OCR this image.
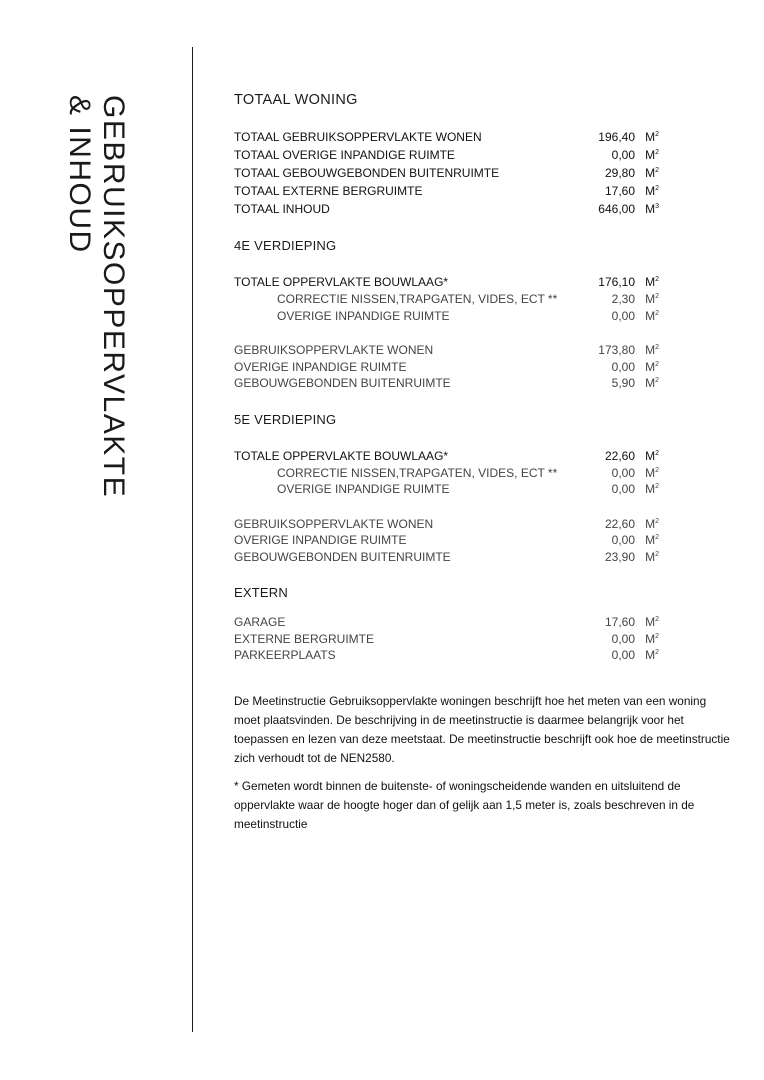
GEBRUIKSOPPERVLAKTE
& INHOUD	TOTAAL WONING
TOTAAL GEBRUIKSOPPERVLAKTE WONEN	196,40 $M^2$
TOTAAL OVERIGE INPANDIGE RUIMTE	0,00 $M^2$
TOTAAL GEBOUWGEBONDEN BUITENRUIMTE	29,80 $M^2$
TOTAAL EXTERNE BERGRUIMTE	17,60 $M^2$
TOTAAL INHOUD	646,00 $M^3$
4E VERDIEPING
TOTALE OPPERVLAKTE BOUWLAAG*	176,10 $M^2$
CORRECTIE NISSEN,TRAPGATEN, VIDES, ECT **	2,30 $M^2$
OVERIGE INPANDIGE RUIMTE	0,00 $M^2$
GEBRUIKSOPPERVLAKTE WONEN	173,80 $M^2$
OVERIGE INPANDIGE RUIMTE	0,00 $M^2$
GEBOUWGEBONDEN BUITENRUIMTE	5,90 $M^2$
5E VERDIEPING
TOTALE OPPERVLAKTE BOUWLAAG*	22,60 $M^2$
CORRECTIE NISSEN,TRAPGATEN, VIDES, ECT **	0,00 $M^2$
OVERIGE INPANDIGE RUIMTE	0,00 $M^2$
GEBRUIKSOPPERVLAKTE WONEN	22,60 $M^2$
OVERIGE INPANDIGE RUIMTE	0,00 $M^2$
GEBOUWGEBONDEN BUITENRUIMTE	23,90 $M^2$
EXTERN
GARAGE	17,60 $M^2$
EXTERNE BERGRUIMTE	0,00 $M^2$
PARKEERPLAATS	0,00 $M^2$

De Meetinstructie Gebruiksoppervlakte woningen beschrijft hoe het meten van een woning moet plaatsvinden. De beschrijving in de meetinstructie is daarmee belangrijk voor het toepassen en lezen van deze meetstaat. De meetinstructie beschrijft ook hoe de meetinstructie zich verhoudt tot de NEN2580.

* Gemeten wordt binnen de buitenste- of woningscheidende wanden en uitsluitend de oppervlakte waar de hoogte hoger dan of gelijk aan 1,5 meter is, zoals beschreven in de meetinstructie
